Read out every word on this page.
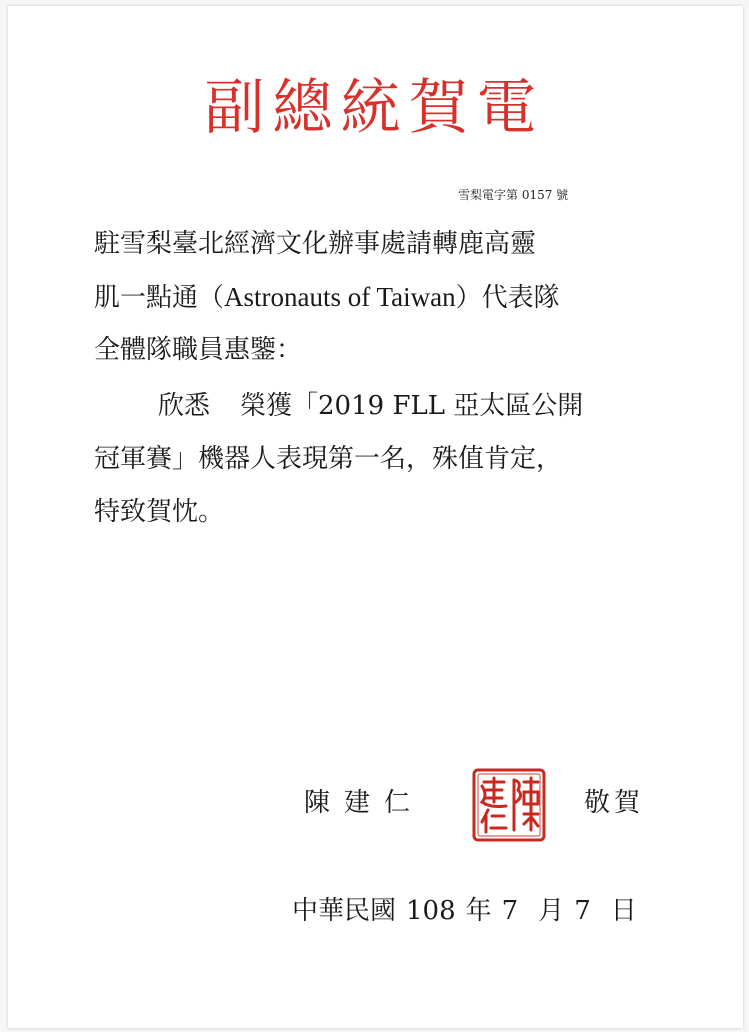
副總統賀電
雪梨電字第 0157 號
駐雪梨臺北經濟文化辦事處請轉鹿高靈
肌一點通（Astronauts of Taiwan）代表隊
全體隊職員惠鑒：
欣悉 榮獲「2019 FLL 亞太區公開
冠軍賽」機器人表現第一名，殊值肯定，
特致賀忱。
陳建仁	敬賀
中華民國 108 年 7 月 7 日
